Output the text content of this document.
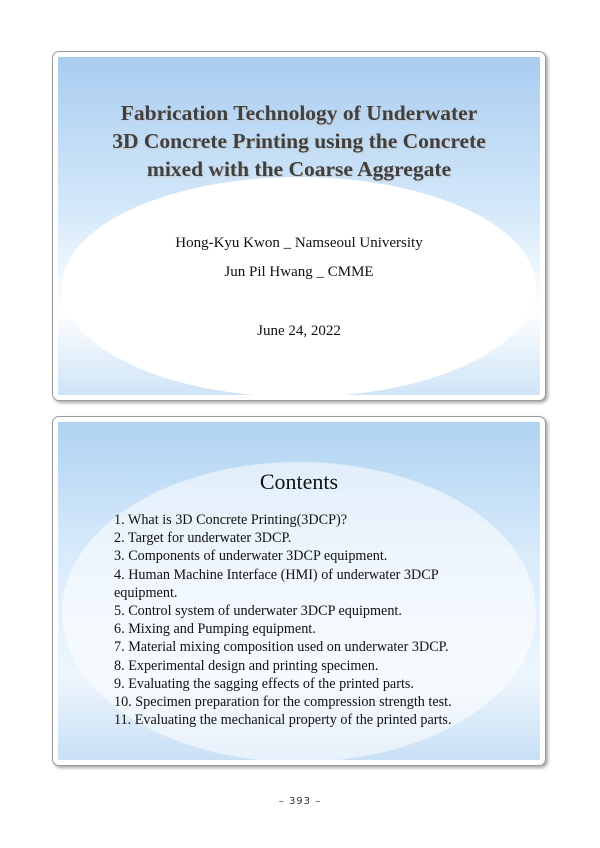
Fabrication Technology of Underwater
3D Concrete Printing using the Concrete
mixed with the Coarse Aggregate
Hong-Kyu Kwon _ Namseoul University
Jun Pil Hwang _ CMME
June 24, 2022
Contents
1. What is 3D Concrete Printing(3DCP)?
2. Target for underwater 3DCP.
3. Components of underwater 3DCP equipment.
4. Human Machine Interface (HMI) of underwater 3DCP
equipment.
5. Control system of underwater 3DCP equipment.
6. Mixing and Pumping equipment.
7. Material mixing composition used on underwater 3DCP.
8. Experimental design and printing specimen.
9. Evaluating the sagging effects of the printed parts.
10. Specimen preparation for the compression strength test.
11. Evaluating the mechanical property of the printed parts.
– 393 –
